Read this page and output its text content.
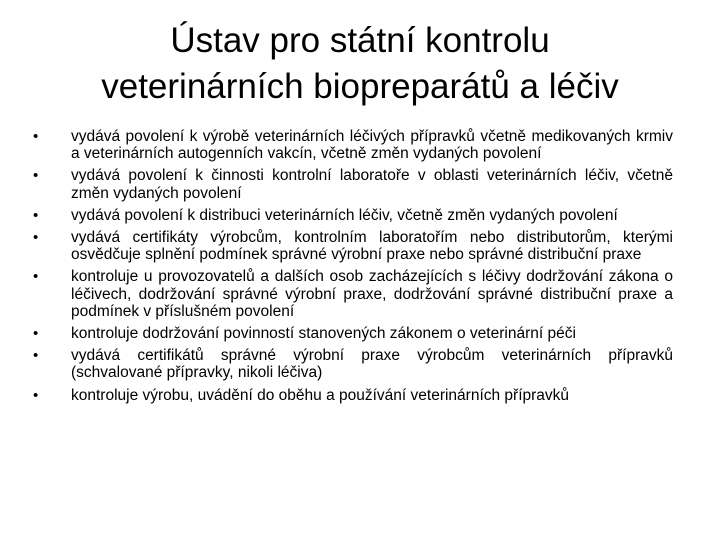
Ústav pro státní kontrolu
veterinárních biopreparátů a léčiv
•	vydává povolení k výrobě veterinárních léčivých přípravků včetně medikovaných krmiv a veterinárních autogenních vakcín, včetně změn vydaných povolení
•	vydává povolení k činnosti kontrolní laboratoře v oblasti veterinárních léčiv, včetně změn vydaných povolení
•	vydává povolení k distribuci veterinárních léčiv, včetně změn vydaných povolení
•	vydává certifikáty výrobcům, kontrolním laboratořím nebo distributorům, kterými osvědčuje splnění podmínek správné výrobní praxe nebo správné distribuční praxe
•	kontroluje u provozovatelů a dalších osob zacházejících s léčivy dodržování zákona o léčivech, dodržování správné výrobní praxe, dodržování správné distribuční praxe a podmínek v příslušném povolení
•	kontroluje dodržování povinností stanovených zákonem o veterinární péči
•	vydává certifikátů správné výrobní praxe výrobcům veterinárních přípravků (schvalované přípravky, nikoli léčiva)
•	kontroluje výrobu, uvádění do oběhu a používání veterinárních přípravků
